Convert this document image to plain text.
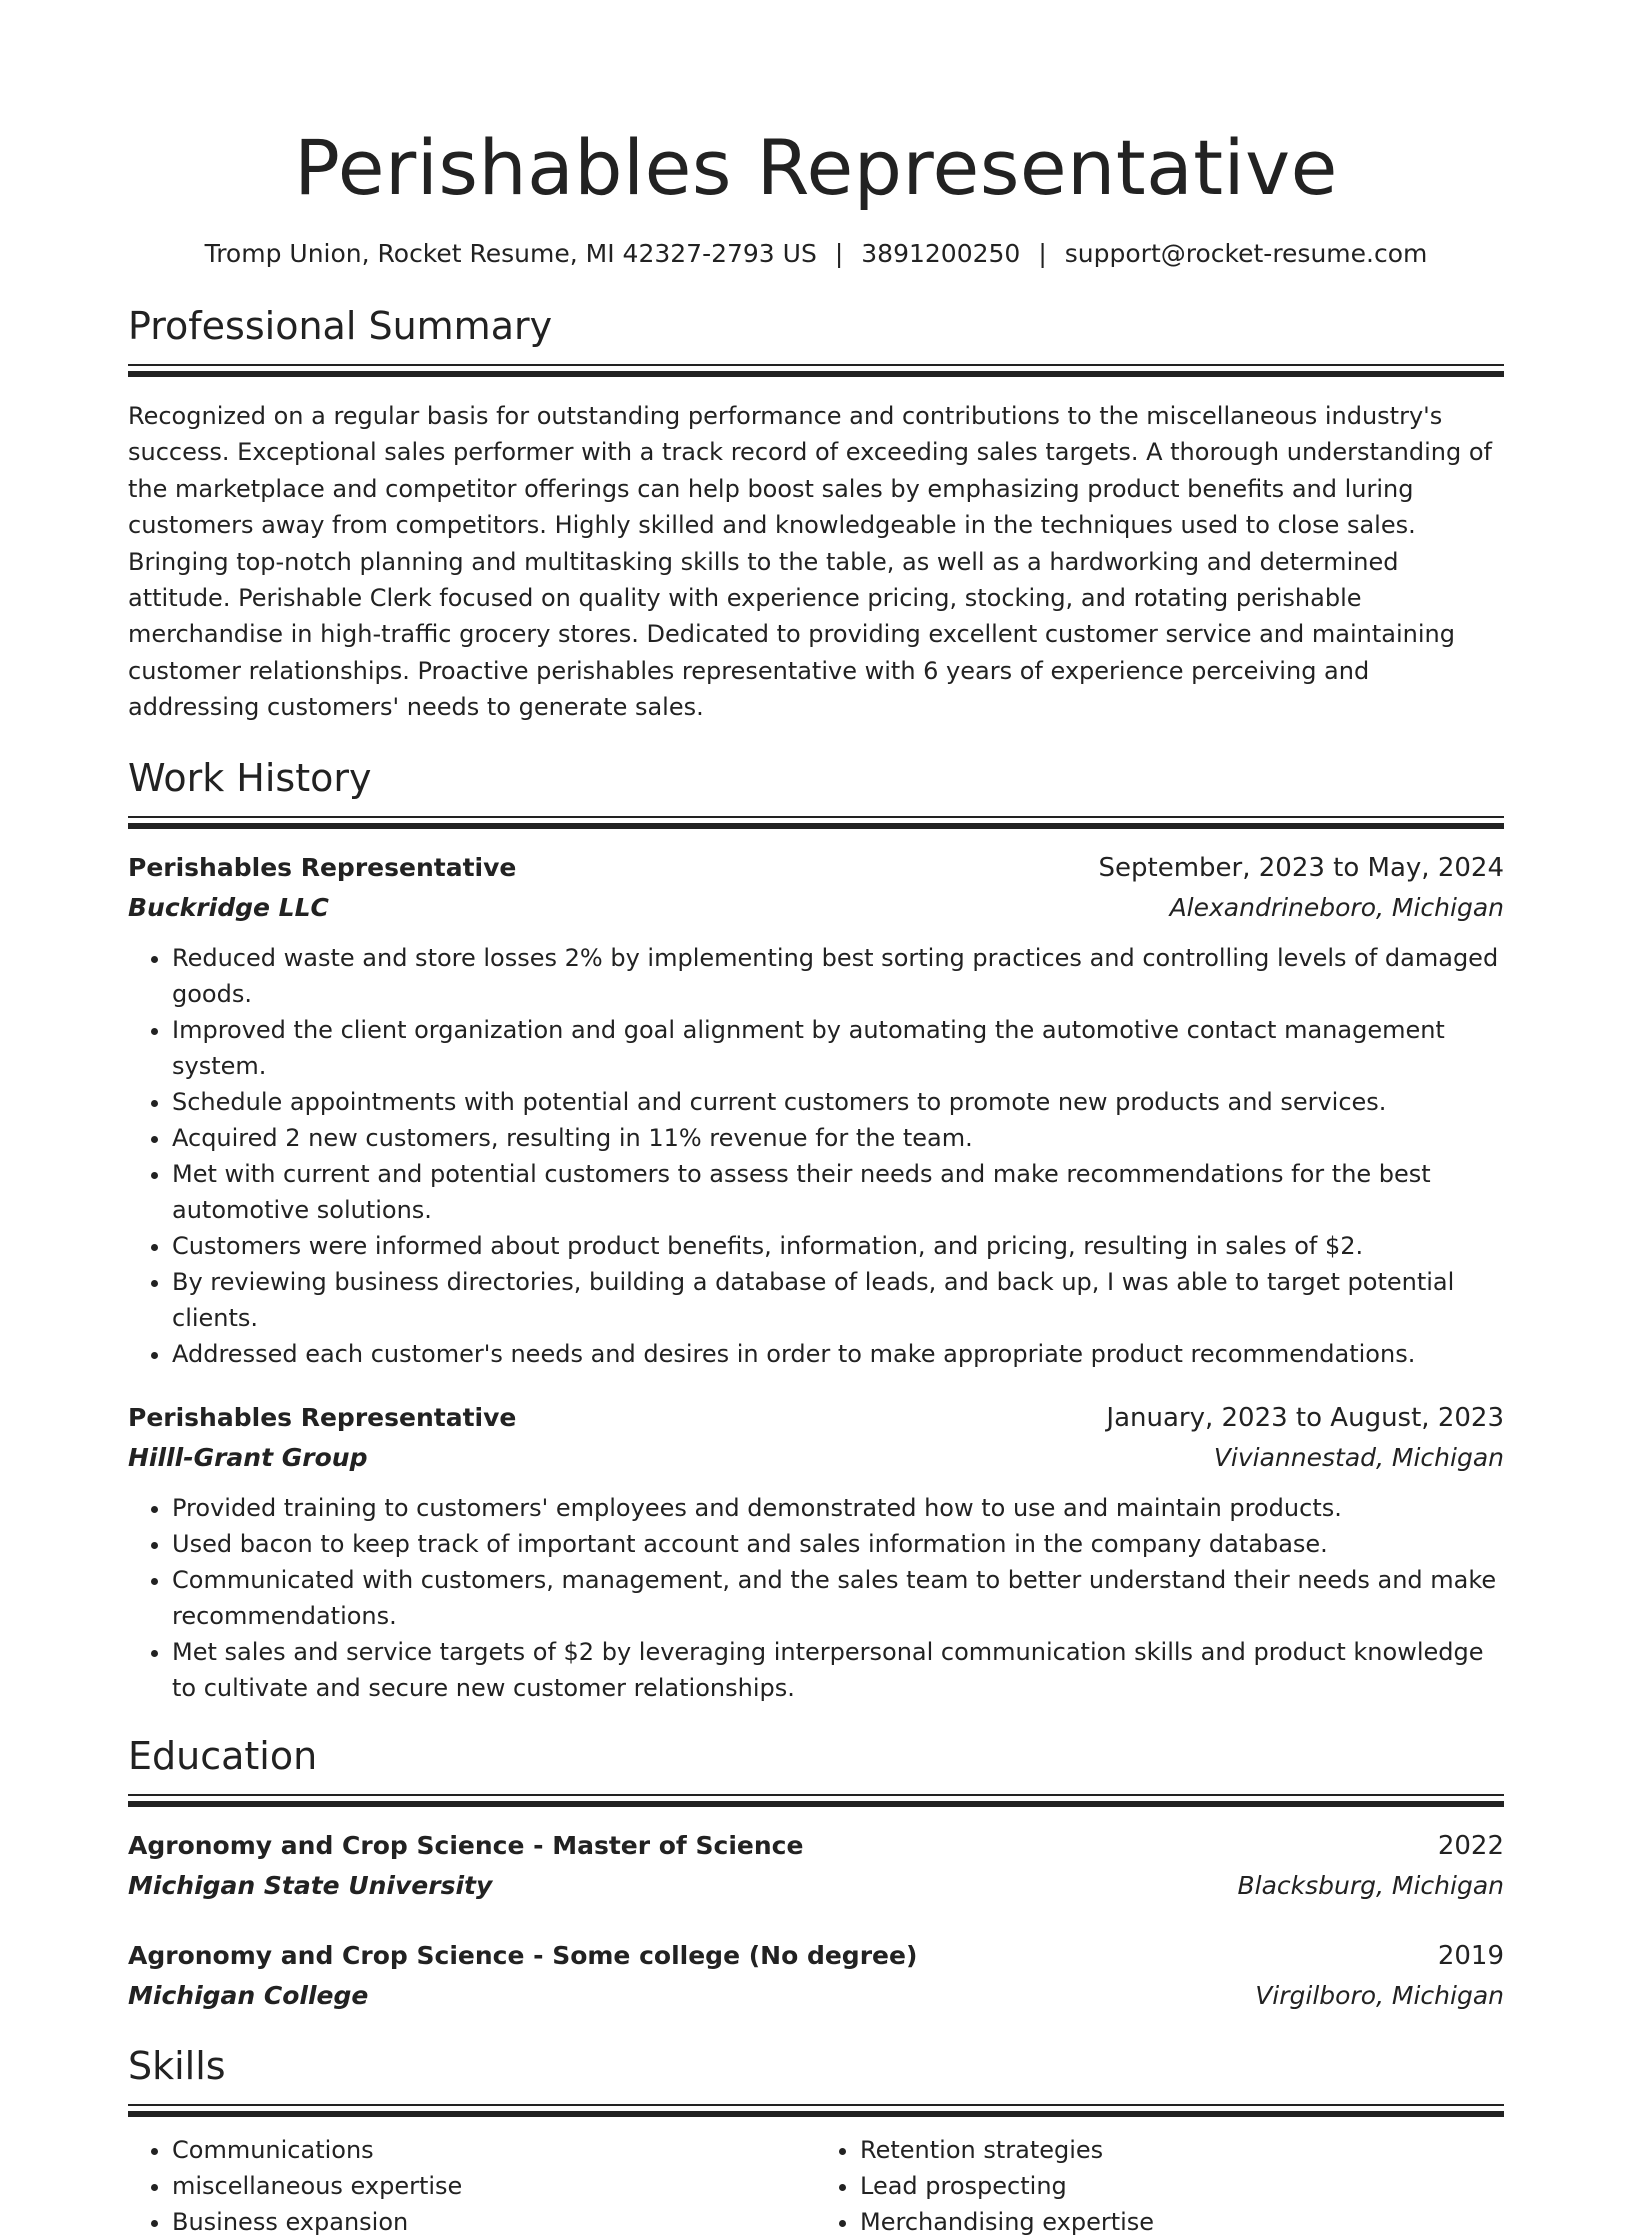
Perishables Representative
Tromp Union, Rocket Resume, MI 42327-2793 US | 3891200250 | support@rocket-resume.com
Professional Summary
Recognized on a regular basis for outstanding performance and contributions to the miscellaneous industry's success. Exceptional sales performer with a track record of exceeding sales targets. A thorough understanding of the marketplace and competitor offerings can help boost sales by emphasizing product benefits and luring customers away from competitors. Highly skilled and knowledgeable in the techniques used to close sales. Bringing top-notch planning and multitasking skills to the table, as well as a hardworking and determined attitude. Perishable Clerk focused on quality with experience pricing, stocking, and rotating perishable merchandise in high-traffic grocery stores. Dedicated to providing excellent customer service and maintaining customer relationships. Proactive perishables representative with 6 years of experience perceiving and addressing customers' needs to generate sales.
Work History
Perishables Representative	September, 2023 to May, 2024
Buckridge LLC	Alexandrineboro, Michigan
• Reduced waste and store losses 2% by implementing best sorting practices and controlling levels of damaged goods.
• Improved the client organization and goal alignment by automating the automotive contact management system.
• Schedule appointments with potential and current customers to promote new products and services.
• Acquired 2 new customers, resulting in 11% revenue for the team.
• Met with current and potential customers to assess their needs and make recommendations for the best automotive solutions.
• Customers were informed about product benefits, information, and pricing, resulting in sales of $2.
• By reviewing business directories, building a database of leads, and back up, I was able to target potential clients.
• Addressed each customer's needs and desires in order to make appropriate product recommendations.
Perishables Representative	January, 2023 to August, 2023
Hilll-Grant Group	Viviannestad, Michigan
• Provided training to customers' employees and demonstrated how to use and maintain products.
• Used bacon to keep track of important account and sales information in the company database.
• Communicated with customers, management, and the sales team to better understand their needs and make recommendations.
• Met sales and service targets of $2 by leveraging interpersonal communication skills and product knowledge to cultivate and secure new customer relationships.
Education
Agronomy and Crop Science - Master of Science	2022
Michigan State University	Blacksburg, Michigan
Agronomy and Crop Science - Some college (No degree)	2019
Michigan College	Virgilboro, Michigan
Skills
• Communications
• miscellaneous expertise
• Business expansion
• Retention strategies
• Lead prospecting
• Merchandising expertise
